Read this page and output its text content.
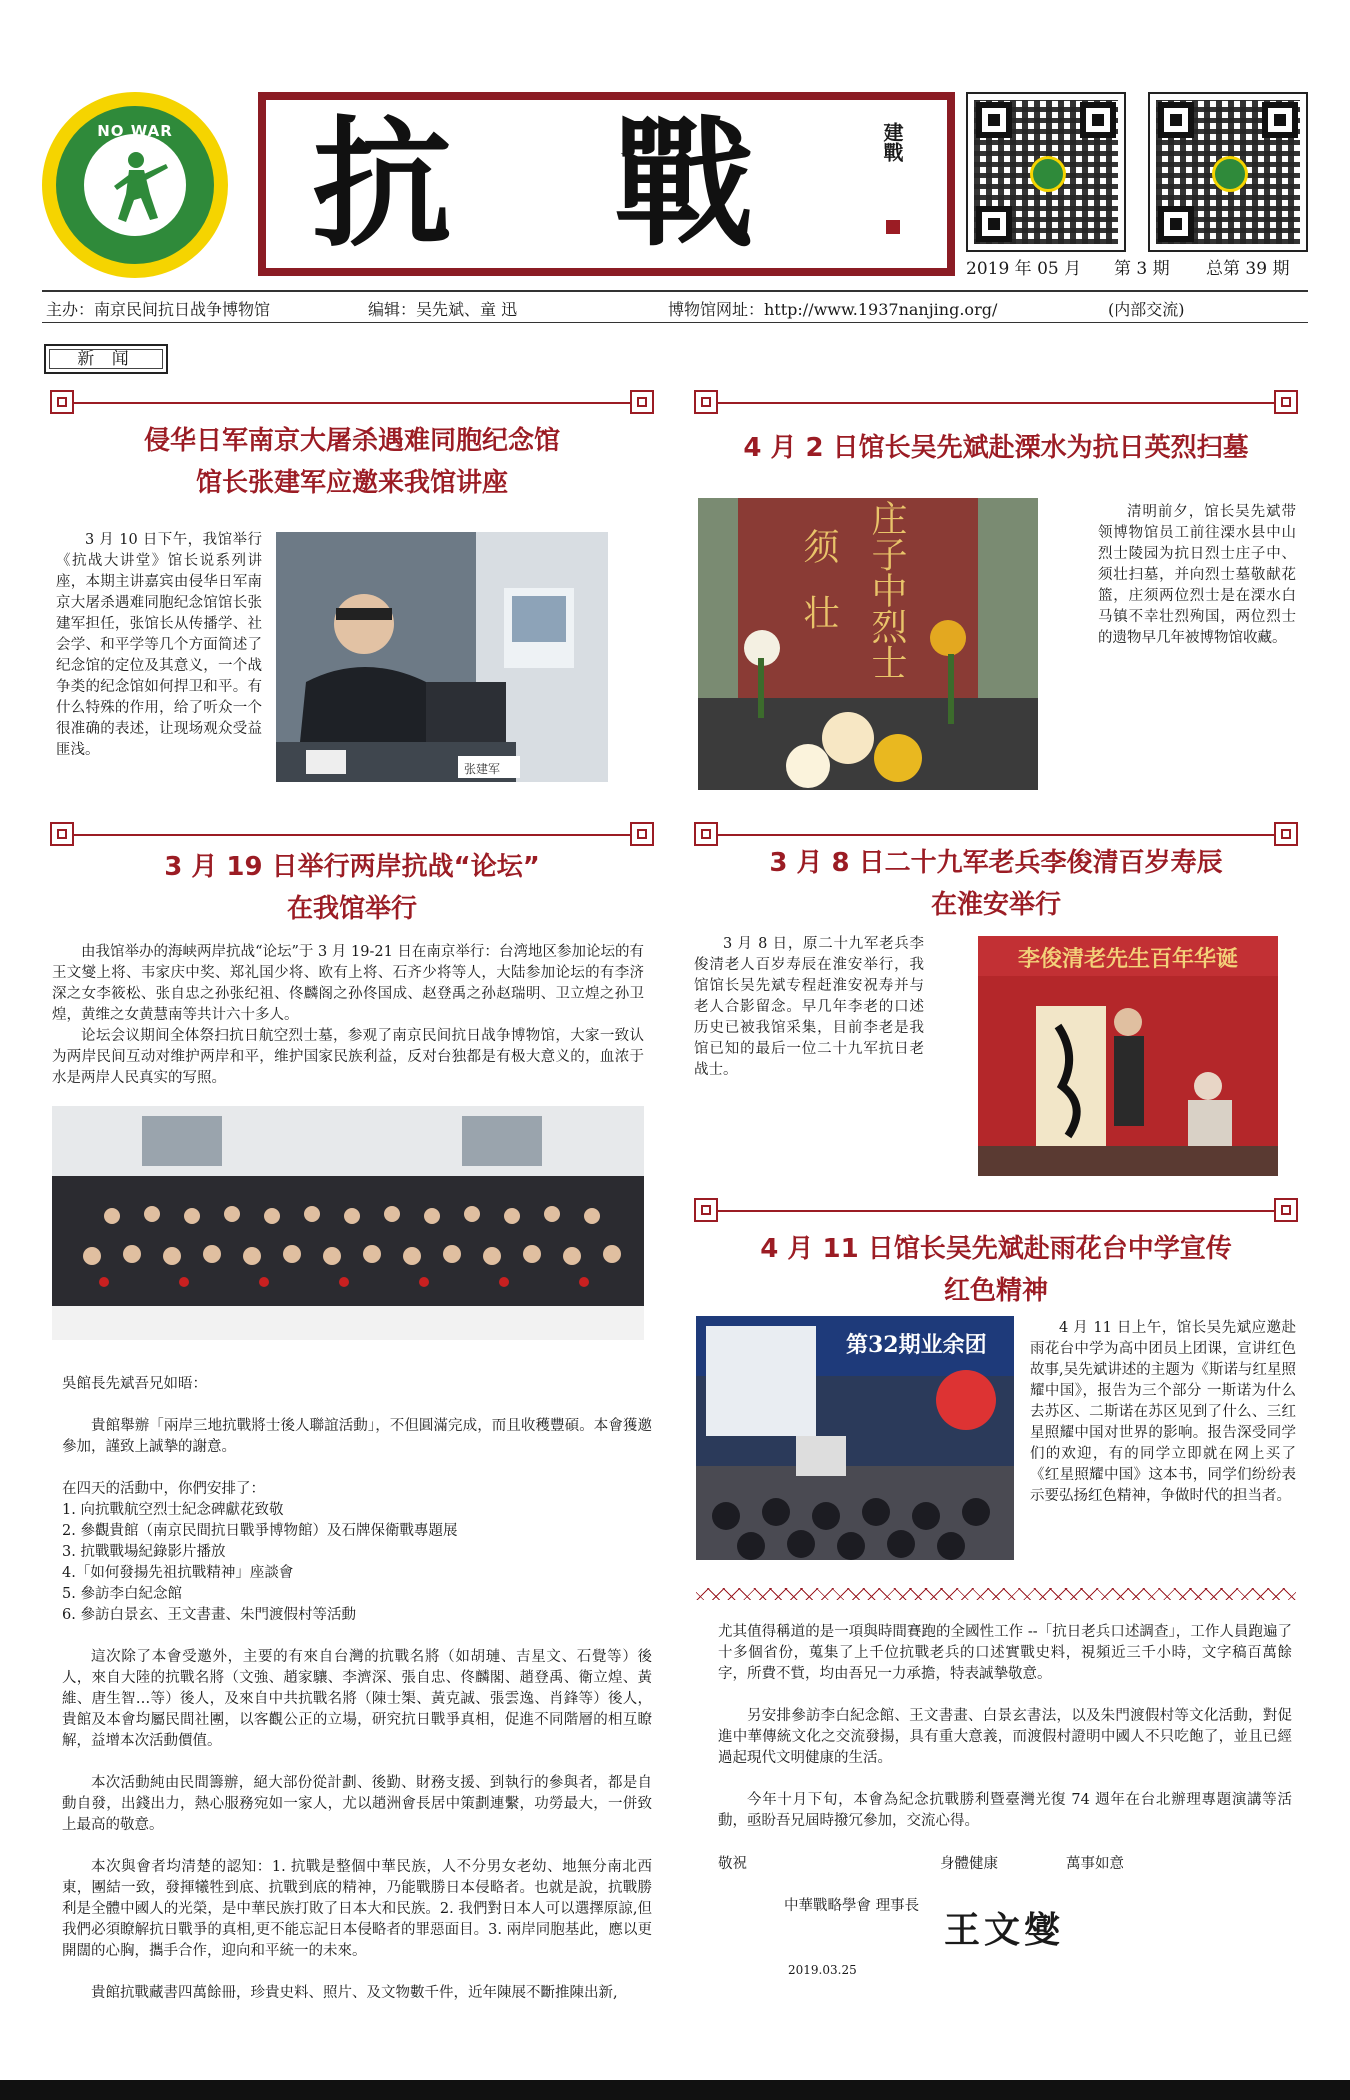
NO WAR 抗 戰	建戰
2019 年 05 月 第 3 期 总第 39 期
主办：南京民间抗日战争博物馆	编辑：吴先斌、童 迅	博物馆网址：http://www.1937nanjing.org/	(内部交流)
新 闻
侵华日军南京大屠杀遇难同胞纪念馆
馆长张建军应邀来我馆讲座
3 月 10 日下午，我馆举行《抗战大讲堂》馆长说系列讲座，本期主讲嘉宾由侵华日军南京大屠杀遇难同胞纪念馆馆长张建军担任，张馆长从传播学、社会学、和平学等几个方面简述了纪念馆的定位及其意义，一个战争类的纪念馆如何捍卫和平。有什么特殊的作用，给了听众一个很准确的表述，让现场观众受益匪浅。
张建军
4 月 2 日馆长吴先斌赴溧水为抗日英烈扫墓
庄子中烈士
须壮
清明前夕，馆长吴先斌带领博物馆员工前往溧水县中山烈士陵园为抗日烈士庄子中、须壮扫墓，并向烈士墓敬献花篮，庄须两位烈士是在溧水白马镇不幸壮烈殉国，两位烈士的遗物早几年被博物馆收藏。
3 月 19 日举行两岸抗战“论坛”
在我馆举行
由我馆举办的海峡两岸抗战“论坛”于 3 月 19-21 日在南京举行：台湾地区参加论坛的有王文燮上将、韦家庆中奖、郑礼国少将、欧有上将、石齐少将等人，大陆参加论坛的有李济深之女李筱松、张自忠之孙张纪祖、佟麟阁之孙佟国成、赵登禹之孙赵瑞明、卫立煌之孙卫煌，黄维之女黄慧南等共计六十多人。
论坛会议期间全体祭扫抗日航空烈士墓，参观了南京民间抗日战争博物馆，大家一致认为两岸民间互动对维护两岸和平，维护国家民族利益，反对台独都是有极大意义的，血浓于水是两岸人民真实的写照。
3 月 8 日二十九军老兵李俊清百岁寿辰
在淮安举行
3 月 8 日，原二十九军老兵李俊清老人百岁寿辰在淮安举行，我馆馆长吴先斌专程赶淮安祝寿并与老人合影留念。早几年李老的口述历史已被我馆采集，目前李老是我馆已知的最后一位二十九军抗日老战士。
李俊清老先生百年华诞
4 月 11 日馆长吴先斌赴雨花台中学宣传
红色精神
第32期业余团
4 月 11 日上午，馆长吴先斌应邀赴雨花台中学为高中团员上团课，宣讲红色故事,吴先斌讲述的主题为《斯诺与红星照耀中国》，报告为三个部分 一斯诺为什么去苏区、二斯诺在苏区见到了什么、三红星照耀中国对世界的影响。报告深受同学们的欢迎，有的同学立即就在网上买了《红星照耀中国》这本书，同学们纷纷表示要弘扬红色精神，争做时代的担当者。
吳館長先斌吾兄如晤：
貴館舉辦「兩岸三地抗戰將士後人聯誼活動」，不但圓滿完成，而且收穫豐碩。本會獲邀參加，謹致上誠摯的謝意。
在四天的活動中，你們安排了：
1. 向抗戰航空烈士紀念碑獻花致敬
2. 參觀貴館（南京民間抗日戰爭博物館）及石牌保衛戰專題展
3. 抗戰戰場紀錄影片播放
4.「如何發揚先祖抗戰精神」座談會
5. 參訪李白紀念館
6. 參訪白景玄、王文書畫、朱門渡假村等活動
這次除了本會受邀外，主要的有來自台灣的抗戰名將（如胡璉、吉星文、石覺等）後人，來自大陸的抗戰名將（文強、趙家驤、李濟深、張自忠、佟麟閣、趙登禹、衛立煌、黃維、唐生智…等）後人，及來自中共抗戰名將（陳士榘、黃克誠、張雲逸、肖鋒等）後人，貴館及本會均屬民間社團，以客觀公正的立場，研究抗日戰爭真相，促進不同階層的相互瞭解，益增本次活動價值。
本次活動純由民間籌辦，絕大部份從計劃、後勤、財務支援、到執行的參與者，都是自動自發，出錢出力，熱心服務宛如一家人，尤以趙洲會長居中策劃連繫，功勞最大，一併致上最高的敬意。
本次與會者均清楚的認知：1. 抗戰是整個中華民族，人不分男女老幼、地無分南北西東，團結一致，發揮犧牲到底、抗戰到底的精神，乃能戰勝日本侵略者。也就是說，抗戰勝利是全體中國人的光榮，是中華民族打敗了日本大和民族。2. 我們對日本人可以選擇原諒,但我們必須瞭解抗日戰爭的真相,更不能忘記日本侵略者的罪惡面目。3. 兩岸同胞基此，應以更開闊的心胸，攜手合作，迎向和平統一的未來。
貴館抗戰藏書四萬餘冊，珍貴史料、照片、及文物數千件，近年陳展不斷推陳出新,
尤其值得稱道的是一項與時間賽跑的全國性工作 --「抗日老兵口述調查」，工作人員跑遍了十多個省份，蒐集了上千位抗戰老兵的口述實戰史料，視頻近三千小時，文字稿百萬餘字，所費不貲，均由吾兄一力承擔，特表誠摯敬意。
另安排參訪李白紀念館、王文書畫、白景玄書法，以及朱門渡假村等文化活動，對促進中華傳統文化之交流發揚，具有重大意義，而渡假村證明中國人不只吃飽了，並且已經過起現代文明健康的生活。
今年十月下旬，本會為紀念抗戰勝利暨臺灣光復 74 週年在台北辦理專題演講等活動，亟盼吾兄屆時撥冗參加，交流心得。
敬祝	身體健康	萬事如意
中華戰略學會 理事長
王文燮
2019.03.25
